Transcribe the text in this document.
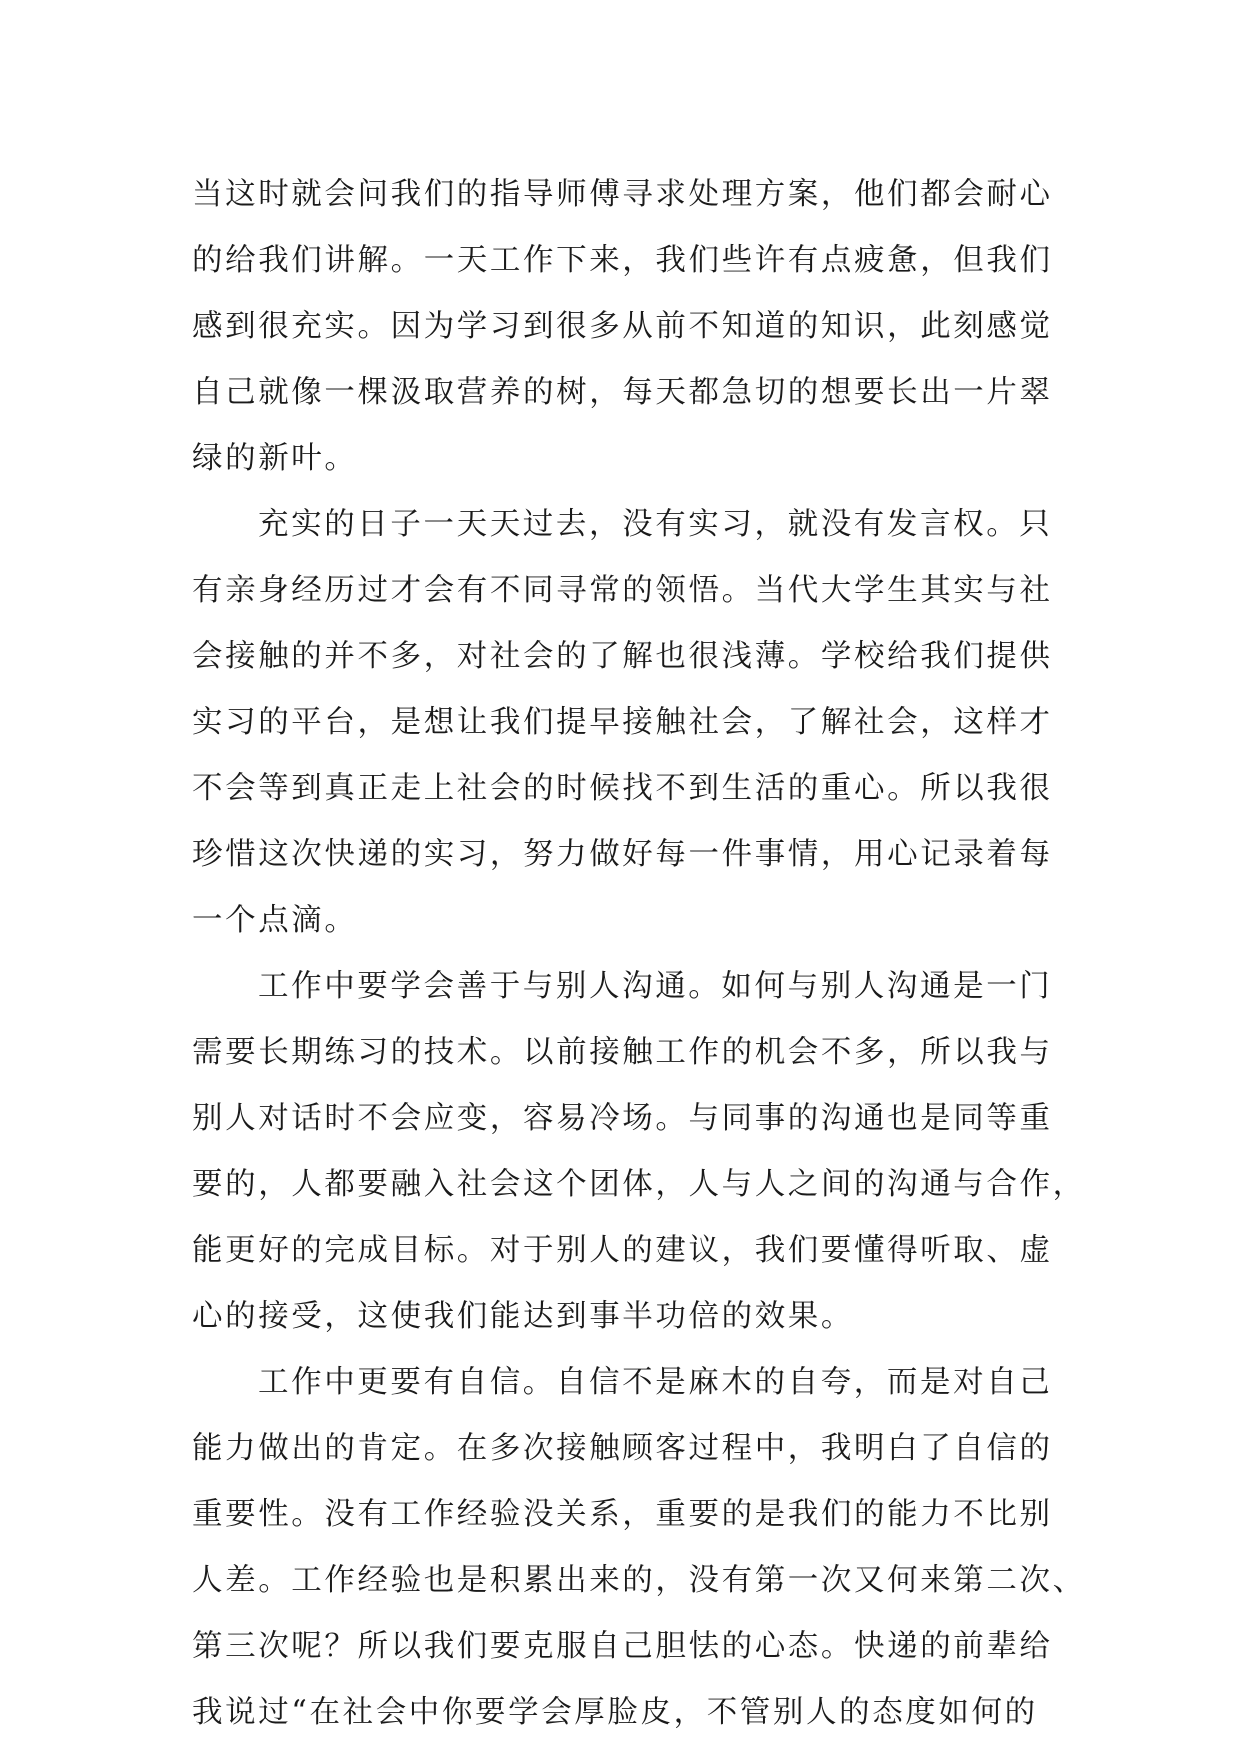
当这时就会问我们的指导师傅寻求处理方案，他们都会耐心
的给我们讲解。一天工作下来，我们些许有点疲惫，但我们
感到很充实。因为学习到很多从前不知道的知识，此刻感觉
自己就像一棵汲取营养的树，每天都急切的想要长出一片翠
绿的新叶。
充实的日子一天天过去，没有实习，就没有发言权。只
有亲身经历过才会有不同寻常的领悟。当代大学生其实与社
会接触的并不多，对社会的了解也很浅薄。学校给我们提供
实习的平台，是想让我们提早接触社会，了解社会，这样才
不会等到真正走上社会的时候找不到生活的重心。所以我很
珍惜这次快递的实习，努力做好每一件事情，用心记录着每
一个点滴。
工作中要学会善于与别人沟通。如何与别人沟通是一门
需要长期练习的技术。以前接触工作的机会不多，所以我与
别人对话时不会应变，容易冷场。与同事的沟通也是同等重
要的，人都要融入社会这个团体，人与人之间的沟通与合作，
能更好的完成目标。对于别人的建议，我们要懂得听取、虚
心的接受，这使我们能达到事半功倍的效果。
工作中更要有自信。自信不是麻木的自夸，而是对自己
能力做出的肯定。在多次接触顾客过程中，我明白了自信的
重要性。没有工作经验没关系，重要的是我们的能力不比别
人差。工作经验也是积累出来的，没有第一次又何来第二次、
第三次呢？所以我们要克服自己胆怯的心态。快递的前辈给
我说过“在社会中你要学会厚脸皮，不管别人的态度如何的
